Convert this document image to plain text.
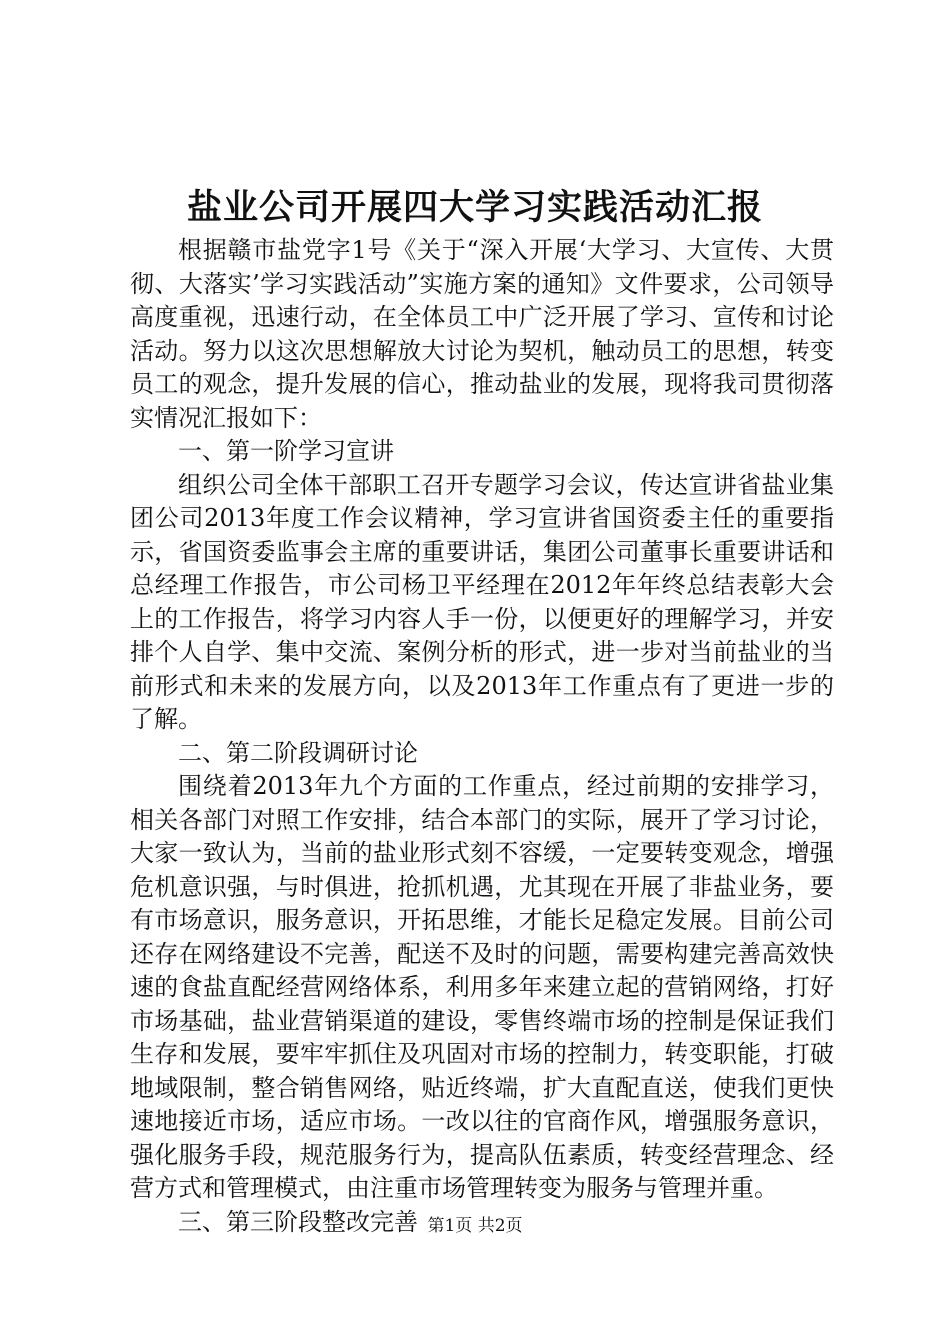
盐业公司开展四大学习实践活动汇报

根据赣市盐党字1号《关于“深入开展‘大学习、大宣传、大贯彻、大落实’学习实践活动”实施方案的通知》文件要求，公司领导高度重视，迅速行动，在全体员工中广泛开展了学习、宣传和讨论活动。努力以这次思想解放大讨论为契机，触动员工的思想，转变员工的观念，提升发展的信心，推动盐业的发展，现将我司贯彻落实情况汇报如下：

一、第一阶学习宣讲

组织公司全体干部职工召开专题学习会议，传达宣讲省盐业集团公司2013年度工作会议精神，学习宣讲省国资委主任的重要指示，省国资委监事会主席的重要讲话，集团公司董事长重要讲话和总经理工作报告，市公司杨卫平经理在2012年年终总结表彰大会上的工作报告，将学习内容人手一份，以便更好的理解学习，并安排个人自学、集中交流、案例分析的形式，进一步对当前盐业的当前形式和未来的发展方向，以及2013年工作重点有了更进一步的了解。

二、第二阶段调研讨论

围绕着2013年九个方面的工作重点，经过前期的安排学习，相关各部门对照工作安排，结合本部门的实际，展开了学习讨论，大家一致认为，当前的盐业形式刻不容缓，一定要转变观念，增强危机意识强，与时俱进，抢抓机遇，尤其现在开展了非盐业务，要有市场意识，服务意识，开拓思维，才能长足稳定发展。目前公司还存在网络建设不完善，配送不及时的问题，需要构建完善高效快速的食盐直配经营网络体系，利用多年来建立起的营销网络，打好市场基础，盐业营销渠道的建设，零售终端市场的控制是保证我们生存和发展，要牢牢抓住及巩固对市场的控制力，转变职能，打破地域限制，整合销售网络，贴近终端，扩大直配直送，使我们更快速地接近市场，适应市场。一改以往的官商作风，增强服务意识，强化服务手段，规范服务行为，提高队伍素质，转变经营理念、经营方式和管理模式，由注重市场管理转变为服务与管理并重。

三、第三阶段整改完善 第1页 共2页
